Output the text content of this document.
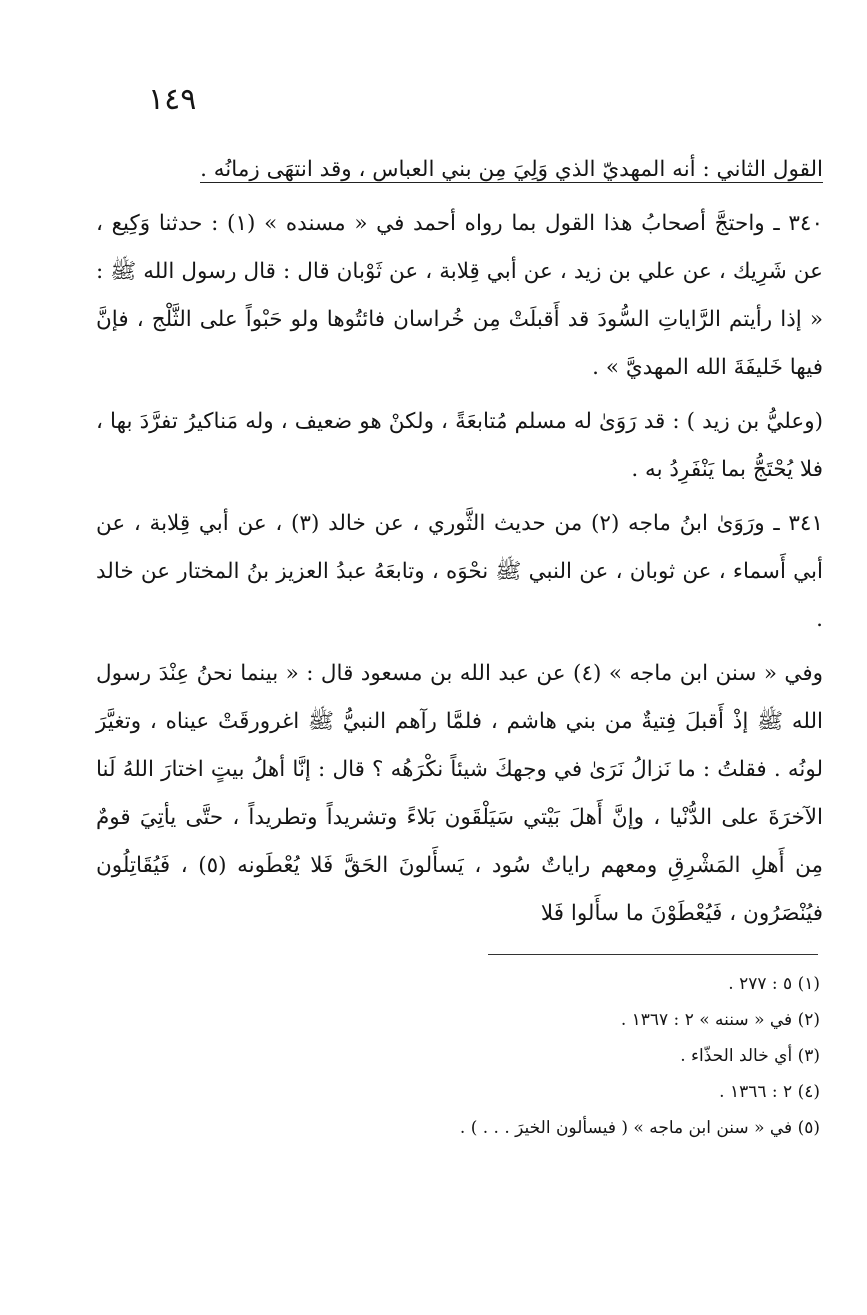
١٤٩

القول الثاني : أنه المهديّ الذي وَلِيَ مِن بني العباس ، وقد انتهَى زمانُه .

٣٤٠ ـ واحتجَّ أصحابُ هذا القول بما رواه أحمد في « مسنده » (١) : حدثنا وَكِيع ، عن شَرِيك ، عن علي بن زيد ، عن أبي قِلابة ، عن ثَوْبان قال : قال رسول الله ﷺ : « إذا رأيتم الرَّاياتِ السُّودَ قد أَقبلَتْ مِن خُراسان فائتُوها ولو حَبْواً على الثَّلْج ، فإنَّ فيها خَليفَةَ الله المهديَّ » .

(وعليُّ بن زيد ) : قد رَوَىٰ له مسلم مُتابعَةً ، ولكنْ هو ضعيف ، وله مَناكيرُ تفرَّدَ بها ، فلا يُحْتَجُّ بما يَنْفَرِدُ به .

٣٤١ ـ ورَوَىٰ ابنُ ماجه (٢) من حديث الثَّوري ، عن خالد (٣) ، عن أبي قِلابة ، عن أبي أَسماء ، عن ثوبان ، عن النبي ﷺ نحْوَه ، وتابعَهُ عبدُ العزيز بنُ المختار عن خالد .

وفي « سنن ابن ماجه » (٤) عن عبد الله بن مسعود قال : « بينما نحنُ عِنْدَ رسول الله ﷺ إذْ أَقبلَ فِتيةٌ من بني هاشم ، فلمَّا رآهم النبيُّ ﷺ اغرورقَتْ عيناه ، وتغيَّرَ لونُه . فقلتُ : ما نَزالُ نَرَىٰ في وجهكَ شيئاً نكْرَهُه ؟ قال : إنَّا أهلُ بيتٍ اختارَ اللهُ لَنا الآخرَةَ على الدُّنْيا ، وإنَّ أَهلَ بَيْتي سَيَلْقَون بَلاءً وتشريداً وتطريداً ، حتَّى يأتِيَ قومٌ مِن أَهلِ المَشْرِقِ ومعهم راياتٌ سُود ، يَسأَلونَ الحَقَّ فَلا يُعْطَونه (٥) ، فَيُقَاتِلُون فيُنْصَرُون ، فَيُعْطَوْنَ ما سأَلوا فَلا

(١) ٥ : ٢٧٧ .

(٢) في « سننه » ٢ : ١٣٦٧ .

(٣) أي خالد الحذّاء .

(٤) ٢ : ١٣٦٦ .

(٥) في « سنن ابن ماجه » ( فيسألون الخيرَ . . . ) .
